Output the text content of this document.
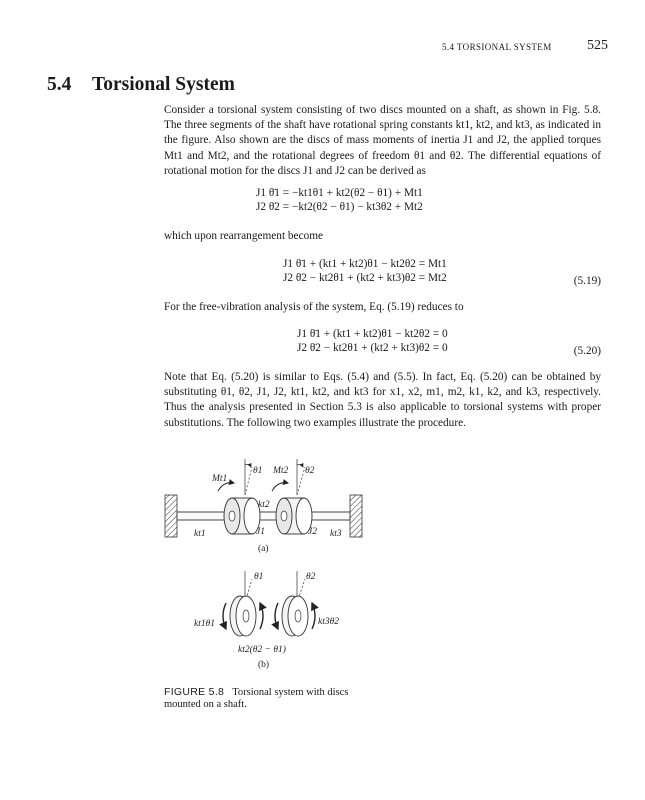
5.4 TORSIONAL SYSTEM	525
5.4 Torsional System

Consider a torsional system consisting of two discs mounted on a shaft, as shown in Fig. 5.8. The three segments of the shaft have rotational spring constants kt1, kt2, and kt3, as indicated in the figure. Also shown are the discs of mass moments of inertia J1 and J2, the applied torques Mt1 and Mt2, and the rotational degrees of freedom θ1 and θ2. The differential equations of rotational motion for the discs J1 and J2 can be derived as

J1 θ̈1 = −kt1θ1 + kt2(θ2 − θ1) + Mt1
J2 θ̈2 = −kt2(θ2 − θ1) − kt3θ2 + Mt2

which upon rearrangement become

J1 θ̈1 + (kt1 + kt2)θ1 − kt2θ2 = Mt1
J2 θ̈2 − kt2θ1 + (kt2 + kt3)θ2 = Mt2	(5.19)

For the free-vibration analysis of the system, Eq. (5.19) reduces to

J1 θ̈1 + (kt1 + kt2)θ1 − kt2θ2 = 0
J2 θ̈2 − kt2θ1 + (kt2 + kt3)θ2 = 0	(5.20)

Note that Eq. (5.20) is similar to Eqs. (5.4) and (5.5). In fact, Eq. (5.20) can be obtained by substituting θ1, θ2, J1, J2, kt1, kt2, and kt3 for x1, x2, m1, m2, k1, k2, and k3, respectively. Thus the analysis presented in Section 5.3 is also applicable to torsional systems with proper substitutions. The following two examples illustrate the procedure.

Mt1
θ1 Mt2 θ2
kt2
kt1	J1	J2 kt3
(a)
θ1	θ2
kt1θ1	kt3θ2
kt2(θ2 − θ1)
(b)
FIGURE 5.8 Torsional system with discs mounted on a shaft.
